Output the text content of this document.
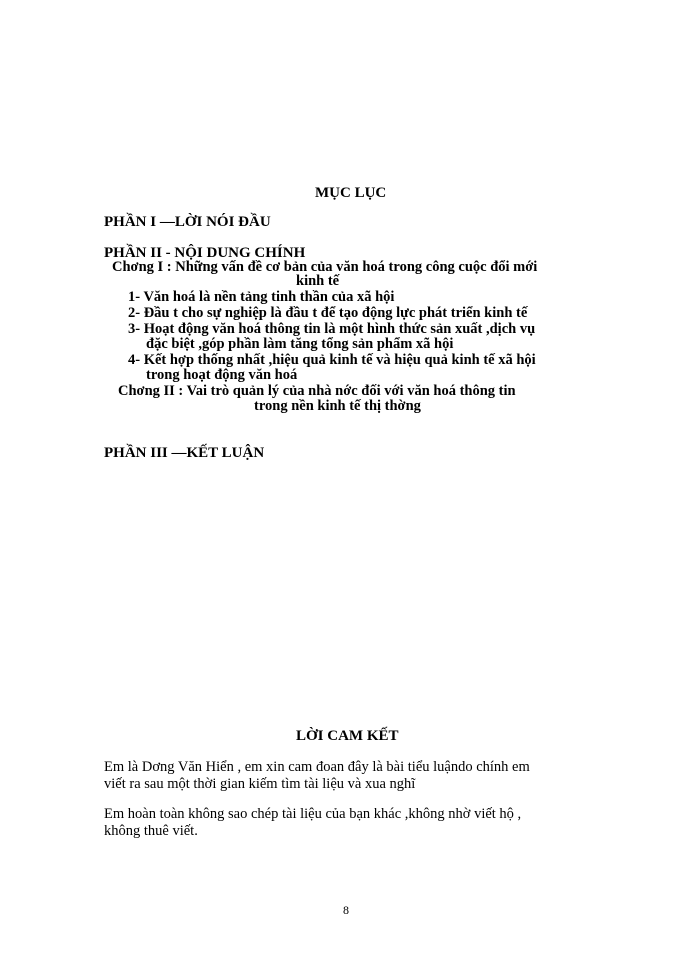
MỤC LỤC
PHẦN I —LỜI NÓI ĐẦU
PHẦN II - NỘI DUNG CHÍNH
Chơng I : Những vấn đề cơ bản của văn hoá trong công cuộc đổi mới
kinh tế
1- Văn hoá là nền tảng tinh thần của xã hội
2- Đầu t cho sự nghiệp là đầu t để tạo động lực phát triển kinh tế
3- Hoạt động văn hoá thông tin là một hình thức sản xuất ,dịch vụ
đặc biệt ,góp phần làm tăng tổng sản phẩm xã hội
4- Kết hợp thống nhất ,hiệu quả kinh tế và hiệu quả kinh tế xã hội
trong hoạt động văn hoá
Chơng II : Vai trò quản lý của nhà nớc đối với văn hoá thông tin
trong nền kinh tế thị thờng
PHẦN III —KẾT LUẬN
LỜI CAM KẾT
Em là Dơng Văn Hiển , em xin cam đoan đây là bài tiểu luậndo chính em
viết ra sau một thời gian kiếm tìm tài liệu và xua nghĩ
Em hoàn toàn không sao chép tài liệu của bạn khác ,không nhờ viết hộ ,
không thuê viết.
8
